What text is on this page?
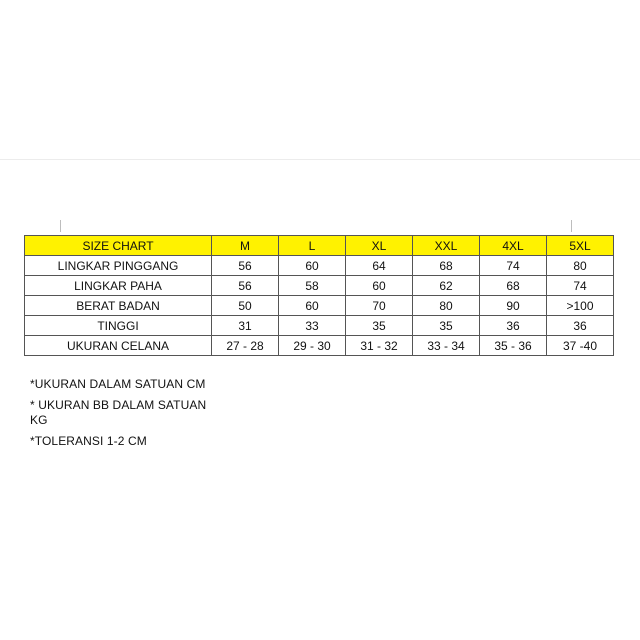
SIZE CHART	M	L	XL	XXL	4XL	5XL
LINGKAR PINGGANG	56	60	64	68	74	80
LINGKAR PAHA	56	58	60	62	68	74
BERAT BADAN	50	60	70	80	90	>100
TINGGI	31	33	35	35	36	36
UKURAN CELANA	27 - 28	29 - 30	31 - 32	33 - 34	35 - 36	37 -40
*UKURAN DALAM SATUAN CM
* UKURAN BB DALAM SATUAN KG
*TOLERANSI 1-2 CM
